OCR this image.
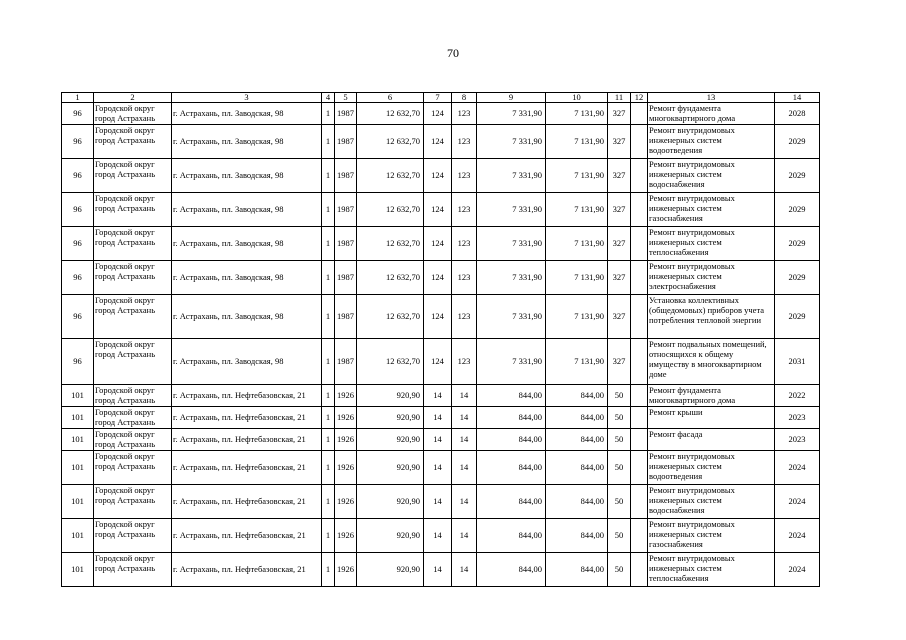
70
1	2	3	4	5	6	7	8	9	10	11	12	13	14
96	Городской округ город Астрахань	г. Астрахань, пл. Заводская, 98	1	1987	12 632,70	124	123	7 331,90	7 131,90	327		Ремонт фундамента многоквартирного дома	2028
96	Городской округ город Астрахань	г. Астрахань, пл. Заводская, 98	1	1987	12 632,70	124	123	7 331,90	7 131,90	327		Ремонт внутридомовых инженерных систем водоотведения	2029
96	Городской округ город Астрахань	г. Астрахань, пл. Заводская, 98	1	1987	12 632,70	124	123	7 331,90	7 131,90	327		Ремонт внутридомовых инженерных систем водоснабжения	2029
96	Городской округ город Астрахань	г. Астрахань, пл. Заводская, 98	1	1987	12 632,70	124	123	7 331,90	7 131,90	327		Ремонт внутридомовых инженерных систем газоснабжения	2029
96	Городской округ город Астрахань	г. Астрахань, пл. Заводская, 98	1	1987	12 632,70	124	123	7 331,90	7 131,90	327		Ремонт внутридомовых инженерных систем теплоснабжения	2029
96	Городской округ город Астрахань	г. Астрахань, пл. Заводская, 98	1	1987	12 632,70	124	123	7 331,90	7 131,90	327		Ремонт внутридомовых инженерных систем электроснабжения	2029
96	Городской округ город Астрахань	г. Астрахань, пл. Заводская, 98	1	1987	12 632,70	124	123	7 331,90	7 131,90	327		Установка коллективных (общедомовых) приборов учета потребления тепловой энергии	2029
96	Городской округ город Астрахань	г. Астрахань, пл. Заводская, 98	1	1987	12 632,70	124	123	7 331,90	7 131,90	327		Ремонт подвальных помещений, относящихся к общему имуществу в многоквартирном доме	2031
101	Городской округ город Астрахань	г. Астрахань, пл. Нефтебазовская, 21	1	1926	920,90	14	14	844,00	844,00	50		Ремонт фундамента многоквартирного дома	2022
101	Городской округ город Астрахань	г. Астрахань, пл. Нефтебазовская, 21	1	1926	920,90	14	14	844,00	844,00	50		Ремонт крыши	2023
101	Городской округ город Астрахань	г. Астрахань, пл. Нефтебазовская, 21	1	1926	920,90	14	14	844,00	844,00	50		Ремонт фасада	2023
101	Городской округ город Астрахань	г. Астрахань, пл. Нефтебазовская, 21	1	1926	920,90	14	14	844,00	844,00	50		Ремонт внутридомовых инженерных систем водоотведения	2024
101	Городской округ город Астрахань	г. Астрахань, пл. Нефтебазовская, 21	1	1926	920,90	14	14	844,00	844,00	50		Ремонт внутридомовых инженерных систем водоснабжения	2024
101	Городской округ город Астрахань	г. Астрахань, пл. Нефтебазовская, 21	1	1926	920,90	14	14	844,00	844,00	50		Ремонт внутридомовых инженерных систем газоснабжения	2024
101	Городской округ город Астрахань	г. Астрахань, пл. Нефтебазовская, 21	1	1926	920,90	14	14	844,00	844,00	50		Ремонт внутридомовых инженерных систем теплоснабжения	2024
